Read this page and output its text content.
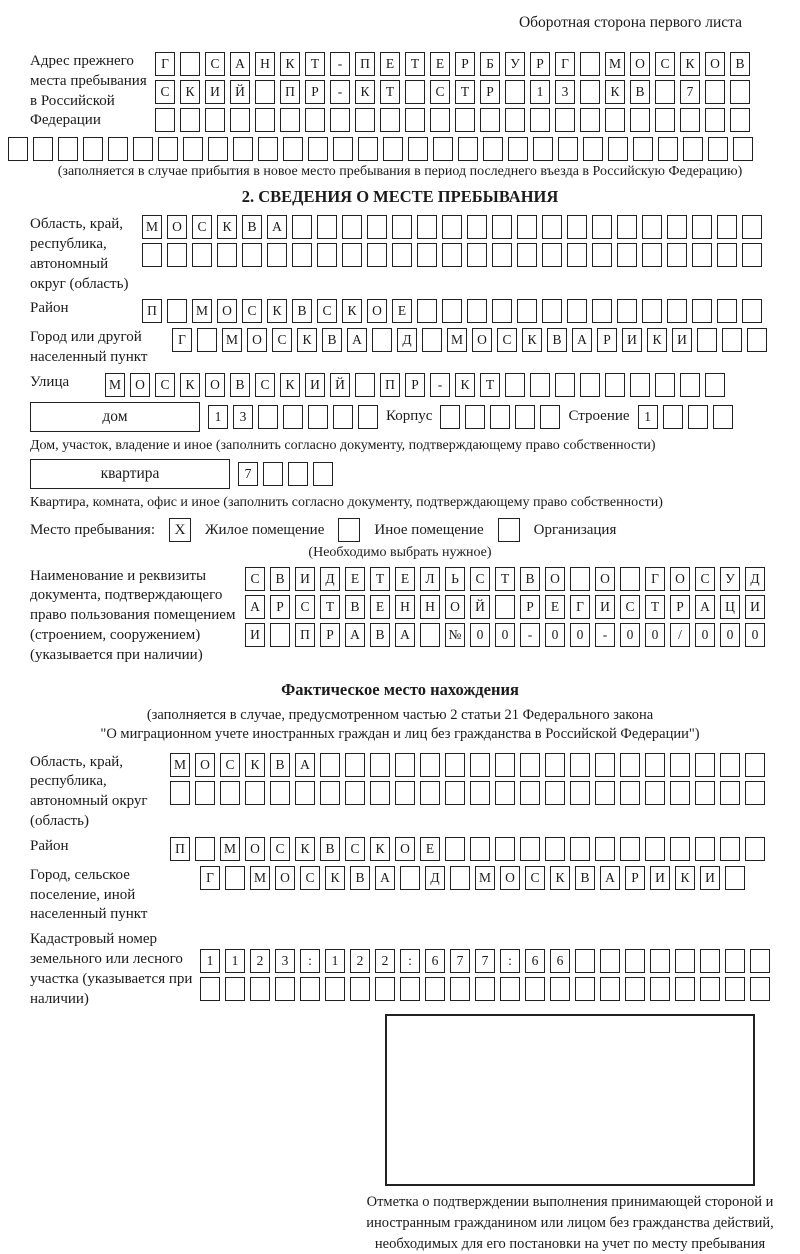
Оборотная сторона первого листа
Адрес прежнего места пребывания в Российской Федерации
Г	С	А	Н	К	Т	-	П	Е	Т	Е	Р	Б	У	Р	Г	М	О	С	К	О	В
С	К	И	Й	П	Р	-	К	Т	С	Т	Р	1	3	К	В	7
(заполняется в случае прибытия в новое место пребывания в период последнего въезда в Российскую Федерацию)
2. СВЕДЕНИЯ О МЕСТЕ ПРЕБЫВАНИЯ
Область, край, республика, автономный округ (область)
М	О	С	К	В	А
Район	П	М	О	С	К	В	С	К	О	Е
Город или другой населенный пункт
Г	М	О	С	К	В	А	Д	М	О	С	К	В	А	Р	И	К	И
Улица	М	О	С	К	О	В	С	К	И	Й	П	Р	-	К	Т
дом	1	3	Корпус	Строение	1
Дом, участок, владение и иное (заполнить согласно документу, подтверждающему право собственности)
квартира	7
Квартира, комната, офис и иное (заполнить согласно документу, подтверждающему право собственности)
Место пребывания:	Х	Жилое помещение	Иное помещение	Организация
(Необходимо выбрать нужное)
Наименование и реквизиты документа, подтверждающего право пользования помещением (строением, сооружением) (указывается при наличии)
С	В	И	Д	Е	Т	Е	Л	Ь	С	Т	В	О	О	Г	О	С	У	Д
А	Р	С	Т	В	Е	Н	Н	О	Й	Р	Е	Г	И	С	Т	Р	А	Ц	И
И	П	Р	А	В	А	№	0	0	-	0	0	-	0	0	/	0	0	0
Фактическое место нахождения
(заполняется в случае, предусмотренном частью 2 статьи 21 Федерального закона
"О миграционном учете иностранных граждан и лиц без гражданства в Российской Федерации")
Область, край, республика, автономный округ (область)
М	О	С	К	В	А
Район	П	М	О	С	К	В	С	К	О	Е
Город, сельское поселение, иной населенный пункт
Г	М	О	С	К	В	А	Д	М	О	С	К	В	А	Р	И	К	И
Кадастровый номер земельного или лесного участка (указывается при наличии)
1	1	2	3	:	1	2	2	:	6	7	7	:	6	6
Отметка о подтверждении выполнения принимающей стороной и иностранным гражданином или лицом без гражданства действий, необходимых для его постановки на учет по месту пребывания
